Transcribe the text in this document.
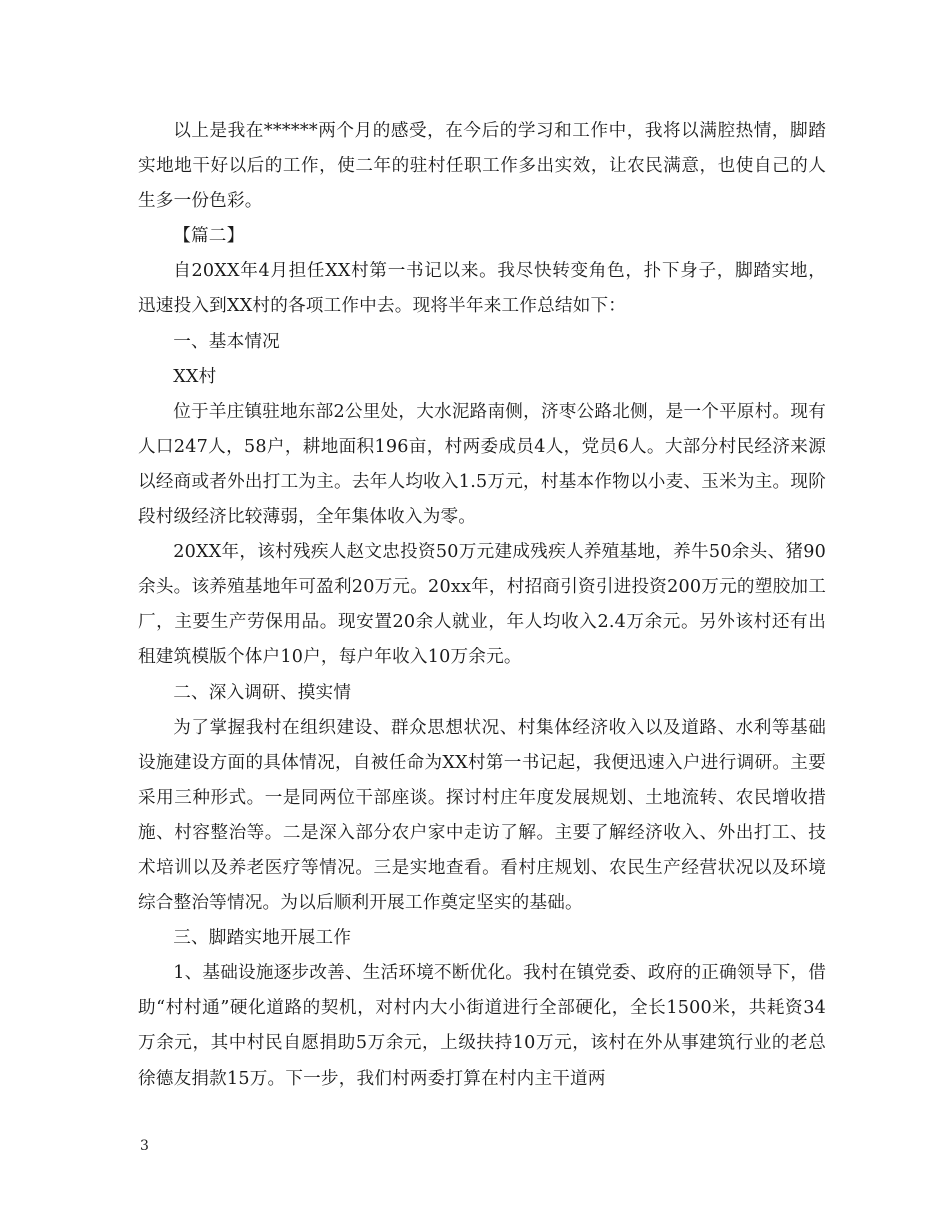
以上是我在******两个月的感受，在今后的学习和工作中，我将以满腔热情，脚踏实地地干好以后的工作，使二年的驻村任职工作多出实效，让农民满意，也使自己的人生多一份色彩。

【篇二】

自20XX年4月担任XX村第一书记以来。我尽快转变角色，扑下身子，脚踏实地，迅速投入到XX村的各项工作中去。现将半年来工作总结如下：

一、基本情况

XX村

位于羊庄镇驻地东部2公里处，大水泥路南侧，济枣公路北侧，是一个平原村。现有人口247人，58户，耕地面积196亩，村两委成员4人，党员6人。大部分村民经济来源以经商或者外出打工为主。去年人均收入1.5万元，村基本作物以小麦、玉米为主。现阶段村级经济比较薄弱，全年集体收入为零。

20XX年，该村残疾人赵文忠投资50万元建成残疾人养殖基地，养牛50余头、猪90余头。该养殖基地年可盈利20万元。20xx年，村招商引资引进投资200万元的塑胶加工厂，主要生产劳保用品。现安置20余人就业，年人均收入2.4万余元。另外该村还有出租建筑模版个体户10户，每户年收入10万余元。

二、深入调研、摸实情

为了掌握我村在组织建设、群众思想状况、村集体经济收入以及道路、水利等基础设施建设方面的具体情况，自被任命为XX村第一书记起，我便迅速入户进行调研。主要采用三种形式。一是同两位干部座谈。探讨村庄年度发展规划、土地流转、农民增收措施、村容整治等。二是深入部分农户家中走访了解。主要了解经济收入、外出打工、技术培训以及养老医疗等情况。三是实地查看。看村庄规划、农民生产经营状况以及环境综合整治等情况。为以后顺利开展工作奠定坚实的基础。

三、脚踏实地开展工作

1、基础设施逐步改善、生活环境不断优化。我村在镇党委、政府的正确领导下，借助“村村通”硬化道路的契机，对村内大小街道进行全部硬化，全长1500米，共耗资34万余元，其中村民自愿捐助5万余元，上级扶持10万元，该村在外从事建筑行业的老总徐德友捐款15万。下一步，我们村两委打算在村内主干道两

3
